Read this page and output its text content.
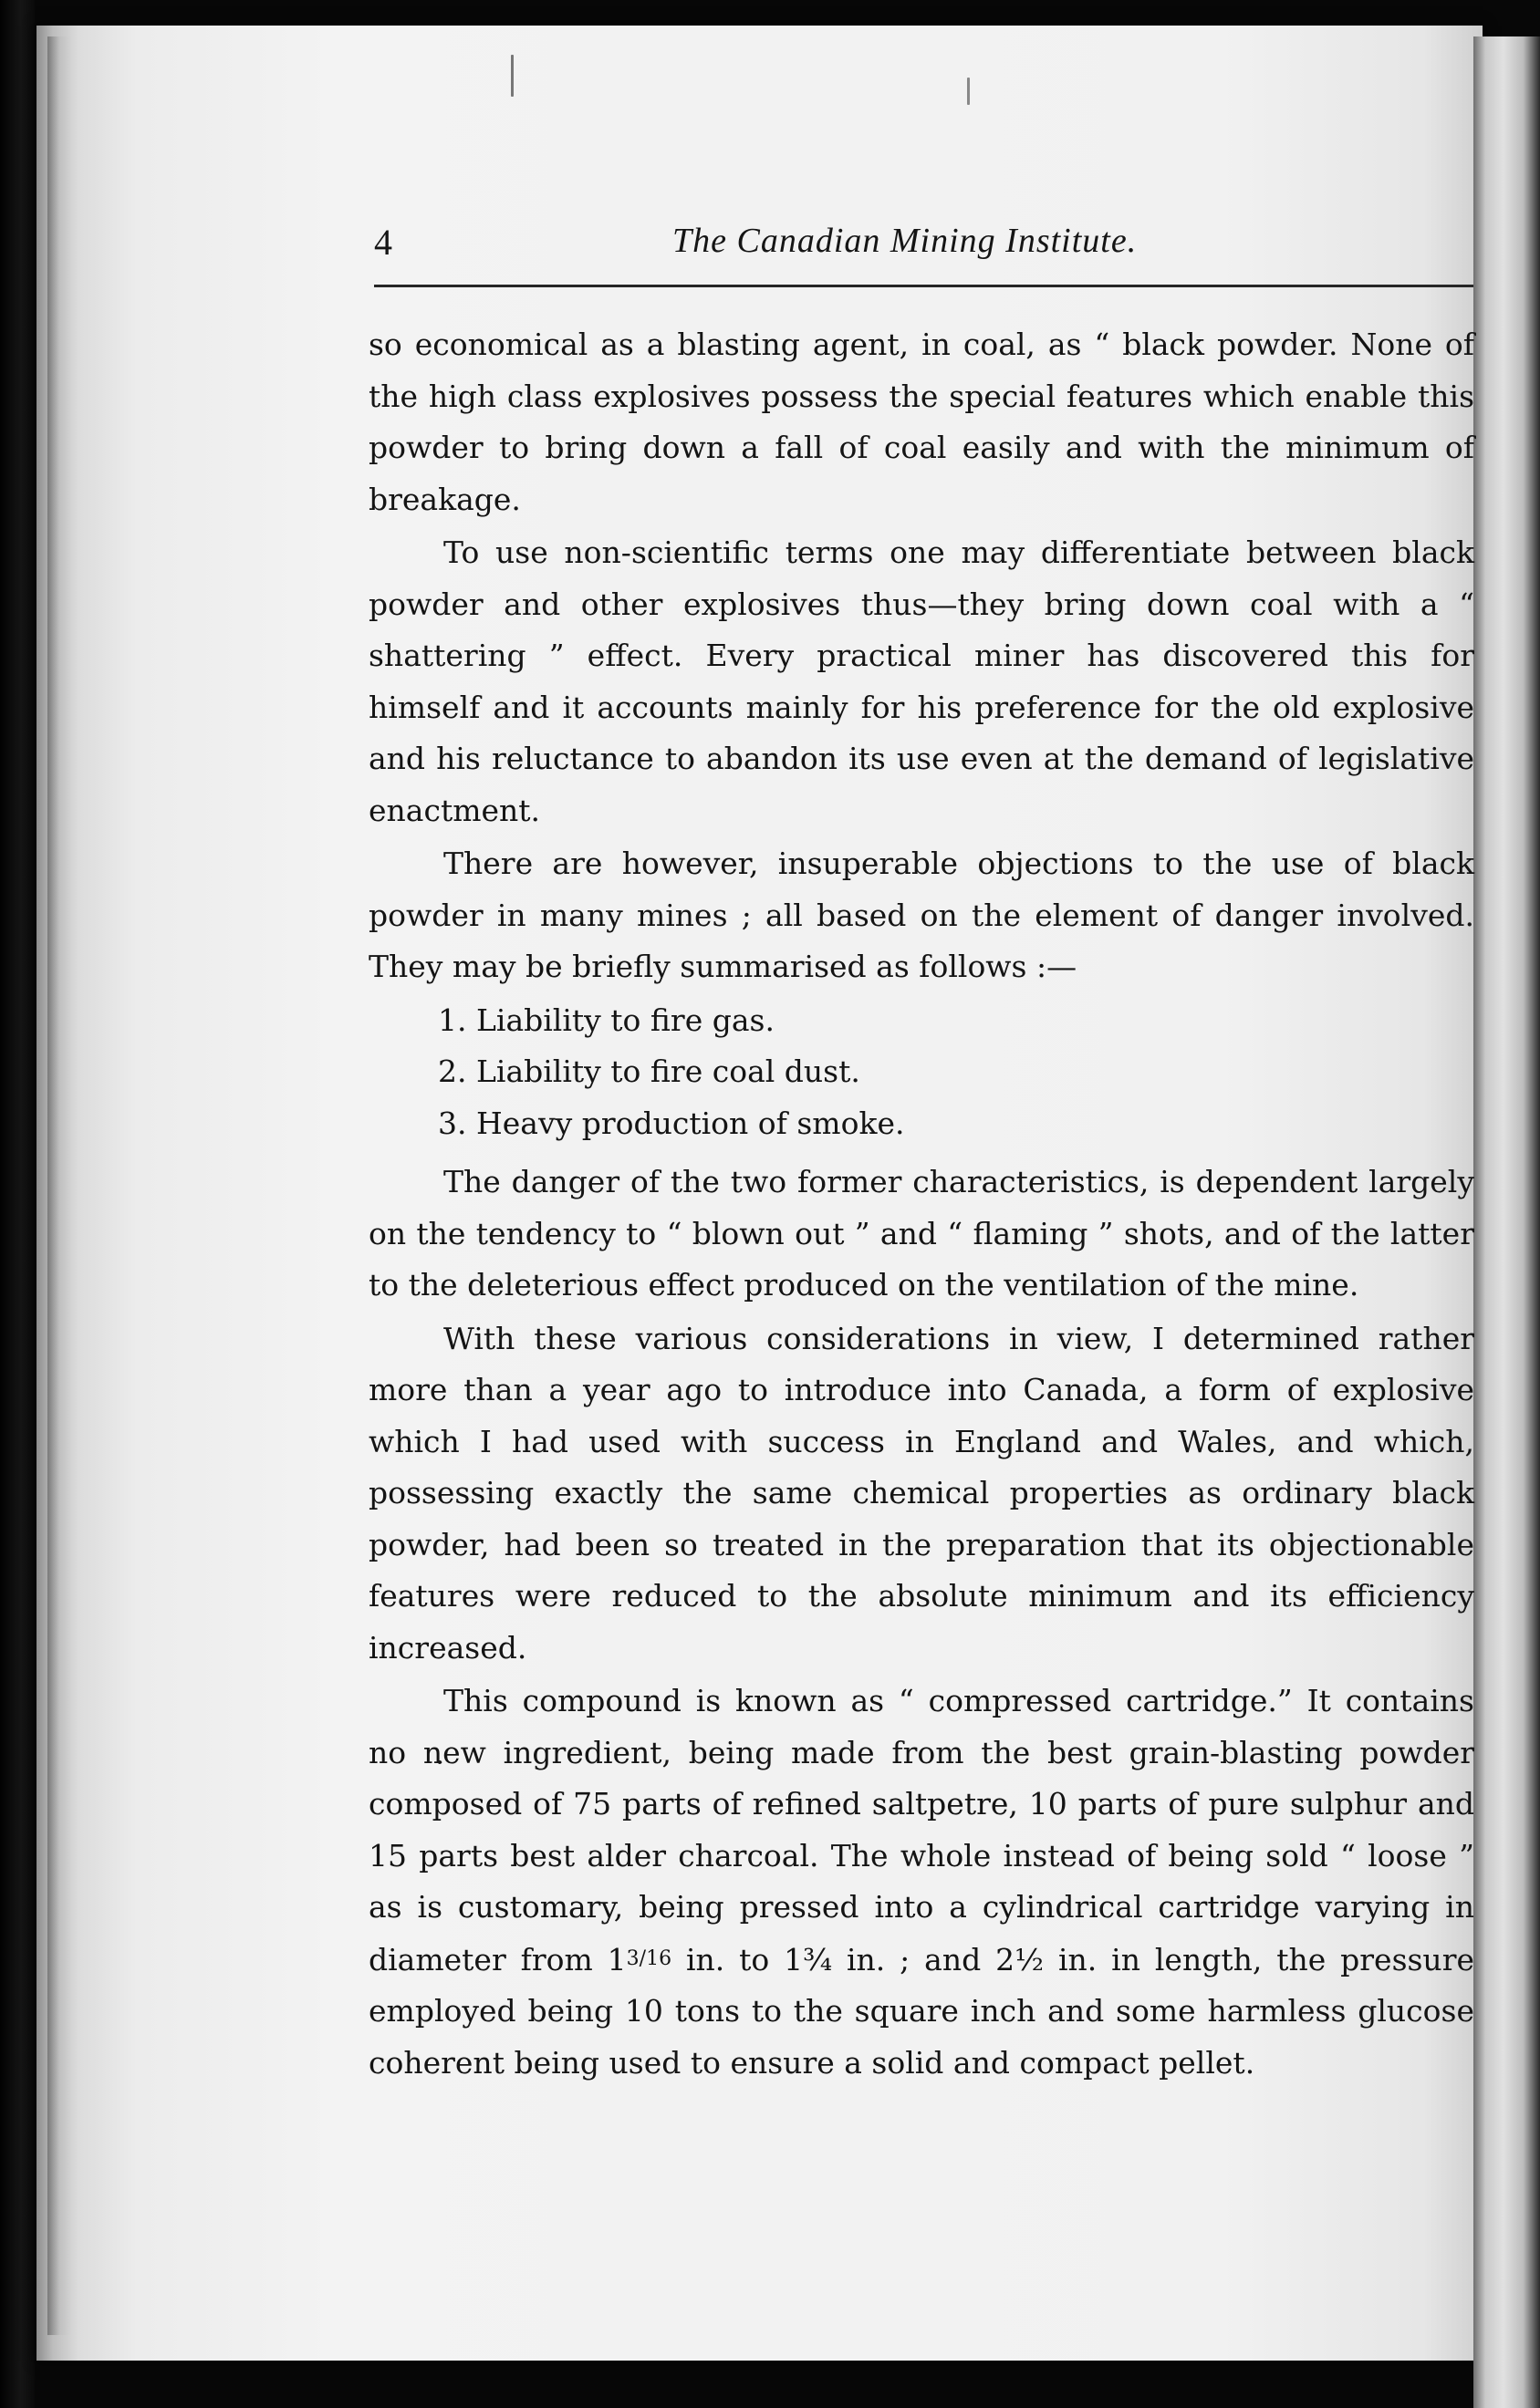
4	The Canadian Mining Institute.

so economical as a blasting agent, in coal, as “ black powder. None of the high class explosives possess the special features which enable this powder to bring down a fall of coal easily and with the minimum of breakage.

To use non-scientific terms one may differentiate between black powder and other explosives thus—they bring down coal with a “ shattering ” effect. Every practical miner has discovered this for himself and it accounts mainly for his preference for the old explosive and his reluctance to abandon its use even at the demand of legislative enactment.

There are however, insuperable objections to the use of black powder in many mines ; all based on the element of danger involved. They may be briefly summarised as follows :—

1. Liability to fire gas.
2. Liability to fire coal dust.
3. Heavy production of smoke.

The danger of the two former characteristics, is dependent largely on the tendency to “ blown out ” and “ flaming ” shots, and of the latter to the deleterious effect produced on the ventilation of the mine.

With these various considerations in view, I determined rather more than a year ago to introduce into Canada, a form of explosive which I had used with success in England and Wales, and which, possessing exactly the same chemical properties as ordinary black powder, had been so treated in the preparation that its objectionable features were reduced to the absolute minimum and its efficiency increased.

This compound is known as “ compressed cartridge.” It contains no new ingredient, being made from the best grain-blasting powder composed of 75 parts of refined saltpetre, 10 parts of pure sulphur and 15 parts best alder charcoal. The whole instead of being sold “ loose ” as is customary, being pressed into a cylindrical cartridge varying in diameter from 13/16 in. to 1¾ in. ; and 2½ in. in length, the pressure employed being 10 tons to the square inch and some harmless glucose coherent being used to ensure a solid and compact pellet.
